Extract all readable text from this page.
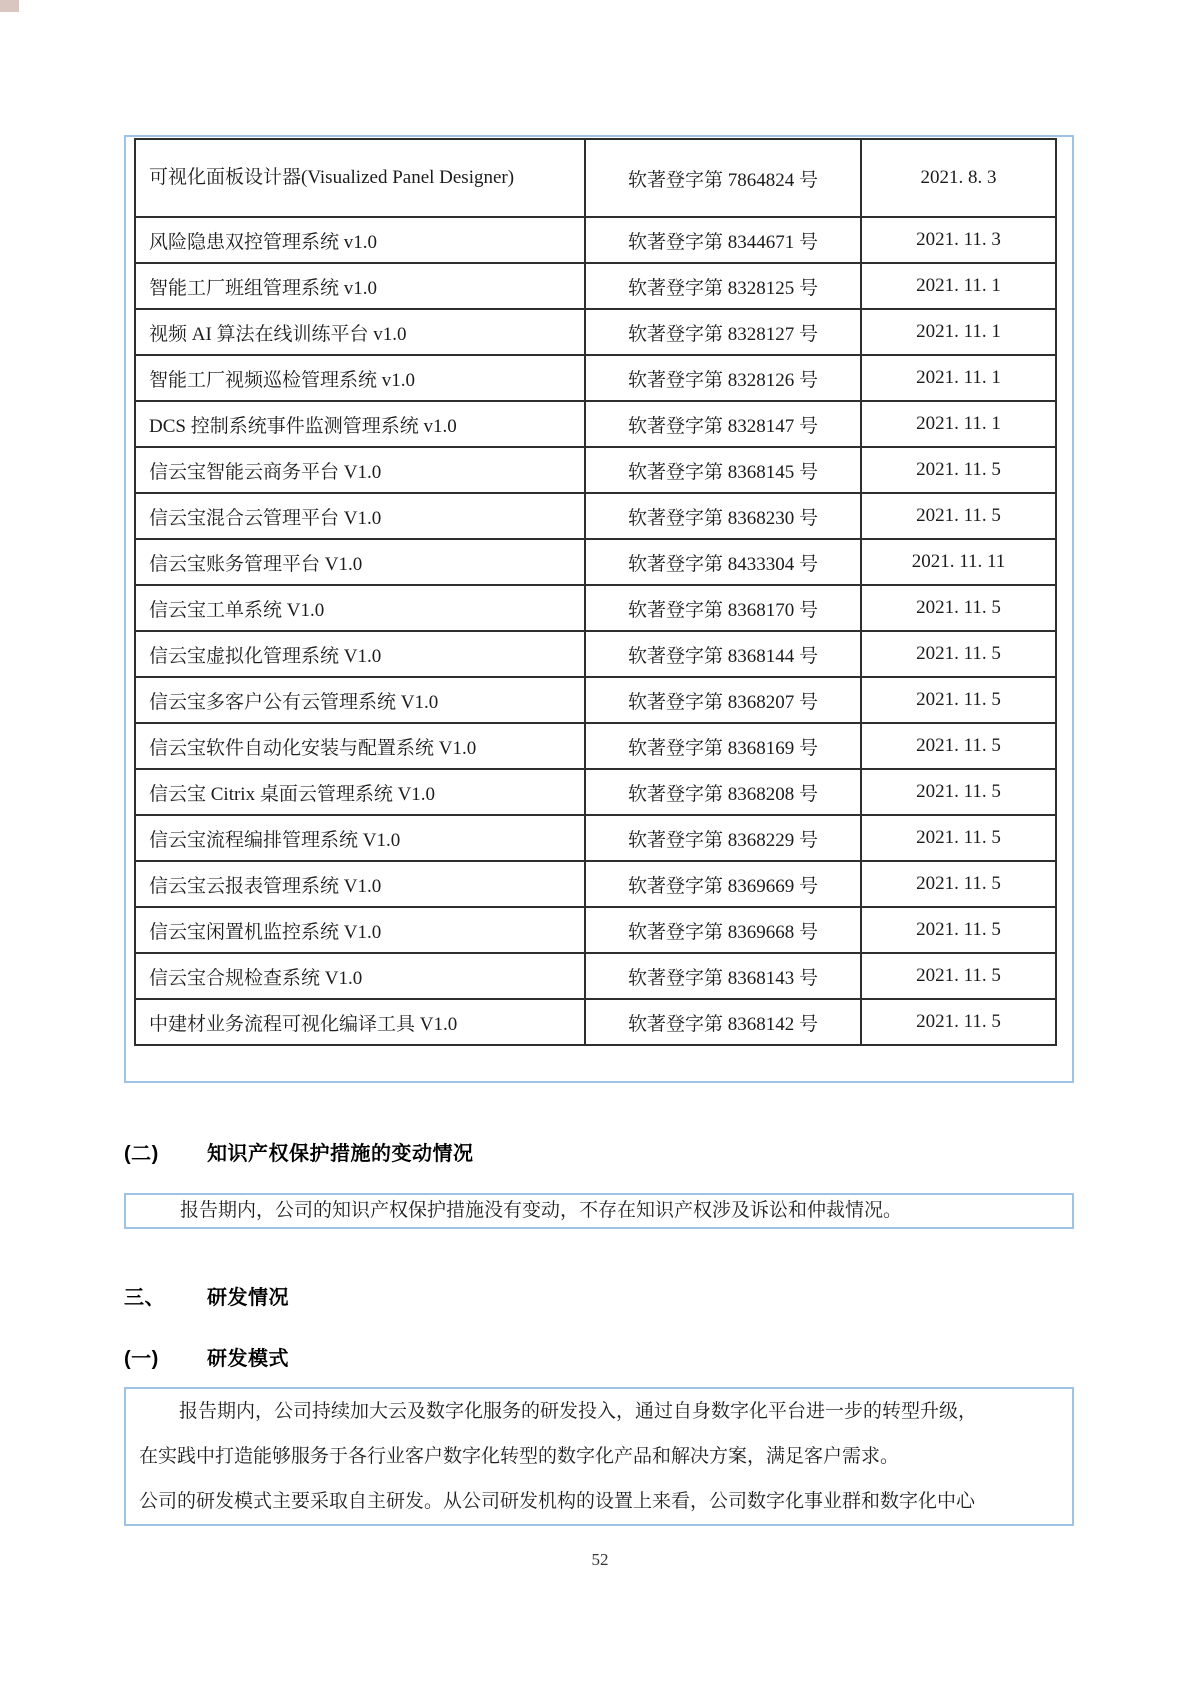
可视化面板设计器(Visualized Panel Designer)	软著登字第 7864824 号	2021. 8. 3
风险隐患双控管理系统 v1.0	软著登字第 8344671 号	2021. 11. 3
智能工厂班组管理系统 v1.0	软著登字第 8328125 号	2021. 11. 1
视频 AI 算法在线训练平台 v1.0	软著登字第 8328127 号	2021. 11. 1
智能工厂视频巡检管理系统 v1.0	软著登字第 8328126 号	2021. 11. 1
DCS 控制系统事件监测管理系统 v1.0	软著登字第 8328147 号	2021. 11. 1
信云宝智能云商务平台 V1.0	软著登字第 8368145 号	2021. 11. 5
信云宝混合云管理平台 V1.0	软著登字第 8368230 号	2021. 11. 5
信云宝账务管理平台 V1.0	软著登字第 8433304 号	2021. 11. 11
信云宝工单系统 V1.0	软著登字第 8368170 号	2021. 11. 5
信云宝虚拟化管理系统 V1.0	软著登字第 8368144 号	2021. 11. 5
信云宝多客户公有云管理系统 V1.0	软著登字第 8368207 号	2021. 11. 5
信云宝软件自动化安装与配置系统 V1.0	软著登字第 8368169 号	2021. 11. 5
信云宝 Citrix 桌面云管理系统 V1.0	软著登字第 8368208 号	2021. 11. 5
信云宝流程编排管理系统 V1.0	软著登字第 8368229 号	2021. 11. 5
信云宝云报表管理系统 V1.0	软著登字第 8369669 号	2021. 11. 5
信云宝闲置机监控系统 V1.0	软著登字第 8369668 号	2021. 11. 5
信云宝合规检查系统 V1.0	软著登字第 8368143 号	2021. 11. 5
中建材业务流程可视化编译工具 V1.0	软著登字第 8368142 号	2021. 11. 5
(二) 知识产权保护措施的变动情况
报告期内，公司的知识产权保护措施没有变动，不存在知识产权涉及诉讼和仲裁情况。
三、 研发情况
(一) 研发模式
报告期内，公司持续加大云及数字化服务的研发投入，通过自身数字化平台进一步的转型升级，
在实践中打造能够服务于各行业客户数字化转型的数字化产品和解决方案，满足客户需求。
公司的研发模式主要采取自主研发。从公司研发机构的设置上来看，公司数字化事业群和数字化中心
52
